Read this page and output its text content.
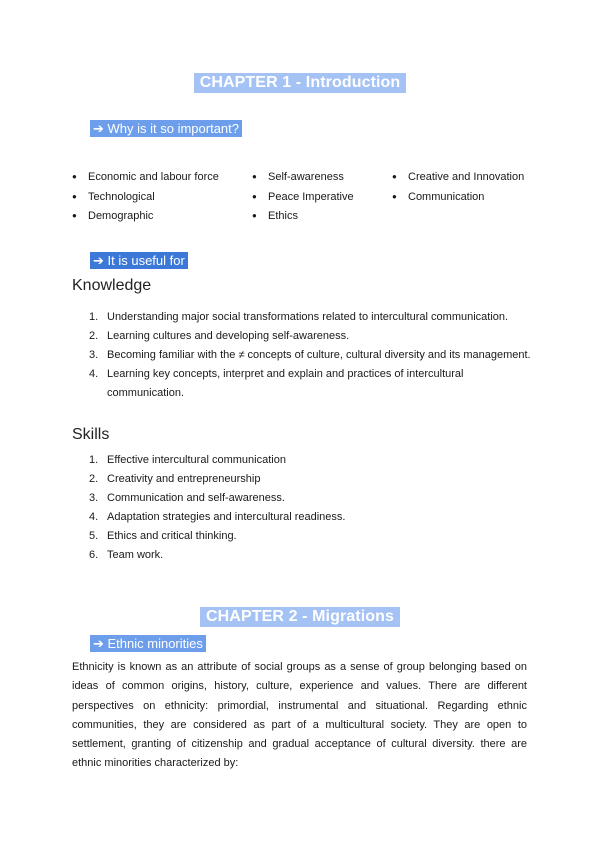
CHAPTER 1 - Introduction
➔ Why is it so important?
● Economic and labour force
● Technological
● Demographic
● Self-awareness
● Peace Imperative
● Ethics
● Creative and Innovation
● Communication
➔ It is useful for
Knowledge
1. Understanding major social transformations related to intercultural communication.
2. Learning cultures and developing self-awareness.
3. Becoming familiar with the ≠ concepts of culture, cultural diversity and its management.
4. Learning key concepts, interpret and explain and practices of intercultural communication.
Skills
1. Effective intercultural communication
2. Creativity and entrepreneurship
3. Communication and self-awareness.
4. Adaptation strategies and intercultural readiness.
5. Ethics and critical thinking.
6. Team work.
CHAPTER 2 - Migrations
➔ Ethnic minorities
Ethnicity is known as an attribute of social groups as a sense of group belonging based on ideas of common origins, history, culture, experience and values. There are different perspectives on ethnicity: primordial, instrumental and situational. Regarding ethnic communities, they are considered as part of a multicultural society. They are open to settlement, granting of citizenship and gradual acceptance of cultural diversity. there are ethnic minorities characterized by:
